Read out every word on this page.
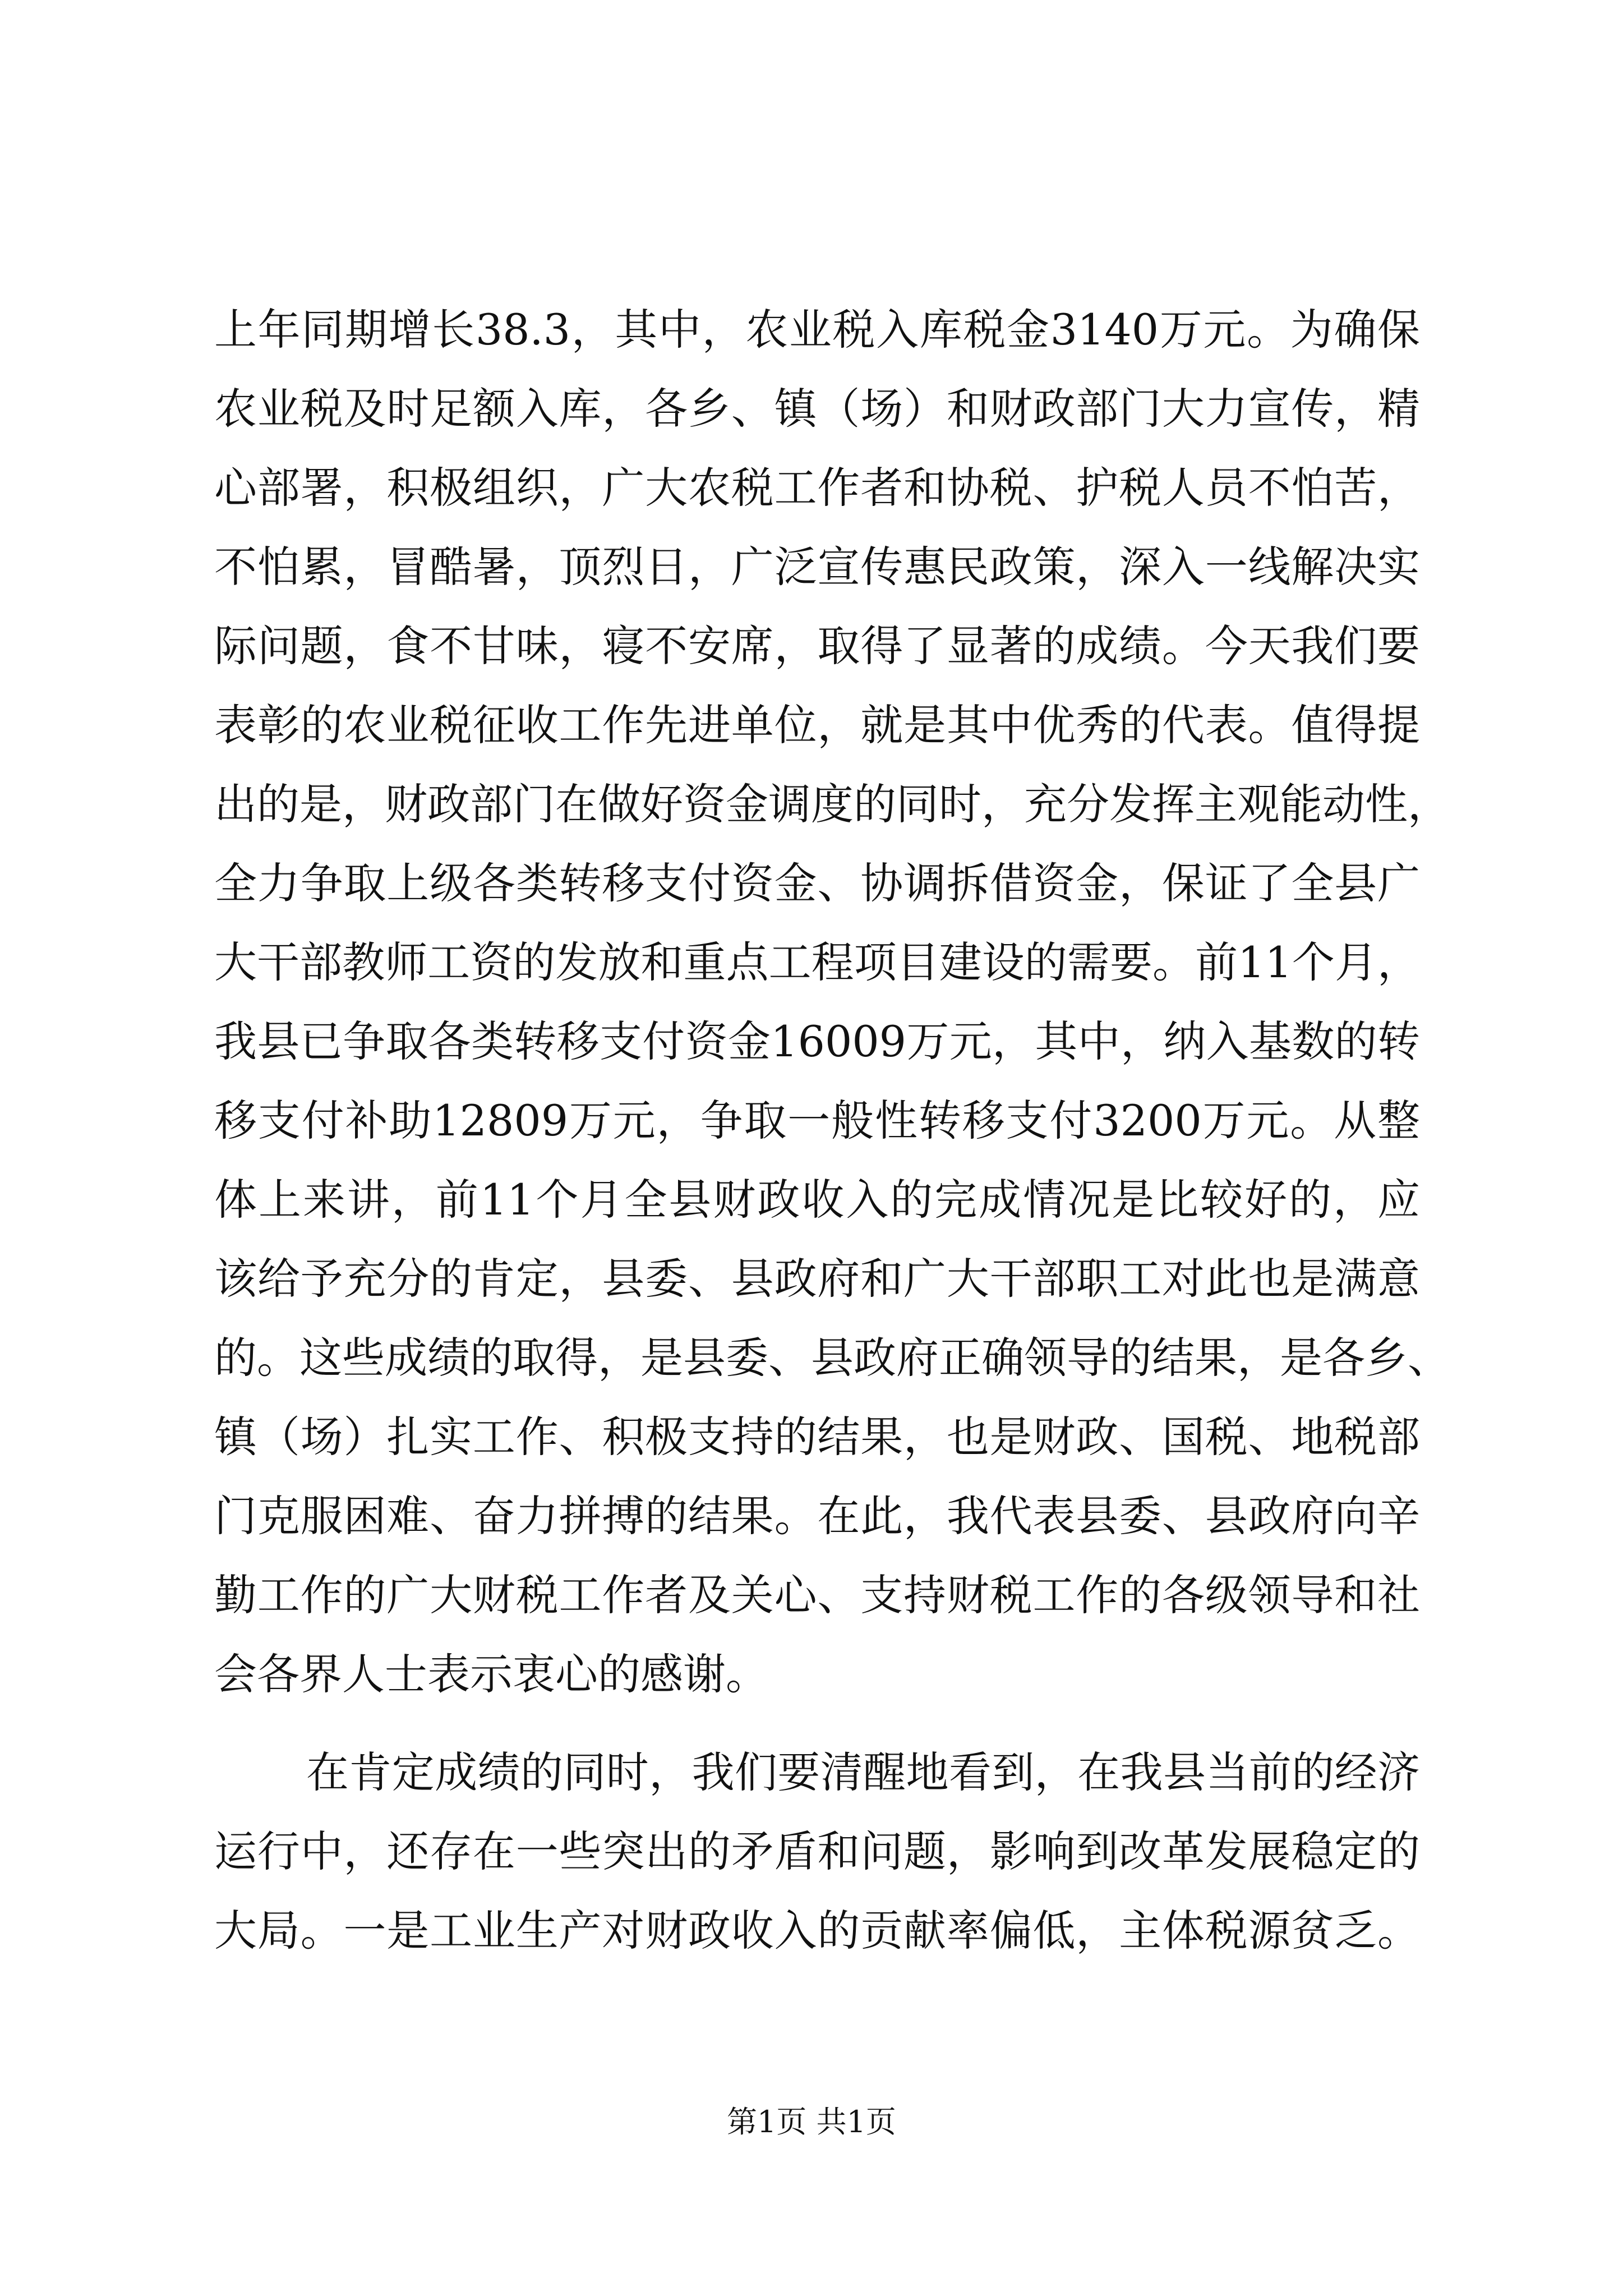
上年同期增长38.3，其中，农业税入库税金3140万元。为确保

农业税及时足额入库，各乡、镇（场）和财政部门大力宣传，精

心部署，积极组织，广大农税工作者和协税、护税人员不怕苦，

不怕累，冒酷暑，顶烈日，广泛宣传惠民政策，深入一线解决实

际问题，食不甘味，寝不安席，取得了显著的成绩。今天我们要

表彰的农业税征收工作先进单位，就是其中优秀的代表。值得提

出的是，财政部门在做好资金调度的同时，充分发挥主观能动性，

全力争取上级各类转移支付资金、协调拆借资金，保证了全县广

大干部教师工资的发放和重点工程项目建设的需要。前11个月，

我县已争取各类转移支付资金16009万元，其中，纳入基数的转

移支付补助12809万元，争取一般性转移支付3200万元。从整

体上来讲，前11个月全县财政收入的完成情况是比较好的，应

该给予充分的肯定，县委、县政府和广大干部职工对此也是满意

的。这些成绩的取得，是县委、县政府正确领导的结果，是各乡、

镇（场）扎实工作、积极支持的结果，也是财政、国税、地税部

门克服困难、奋力拼搏的结果。在此，我代表县委、县政府向辛

勤工作的广大财税工作者及关心、支持财税工作的各级领导和社

会各界人士表示衷心的感谢。

在肯定成绩的同时，我们要清醒地看到，在我县当前的经济

运行中，还存在一些突出的矛盾和问题，影响到改革发展稳定的

大局。一是工业生产对财政收入的贡献率偏低，主体税源贫乏。

第1页 共1页
